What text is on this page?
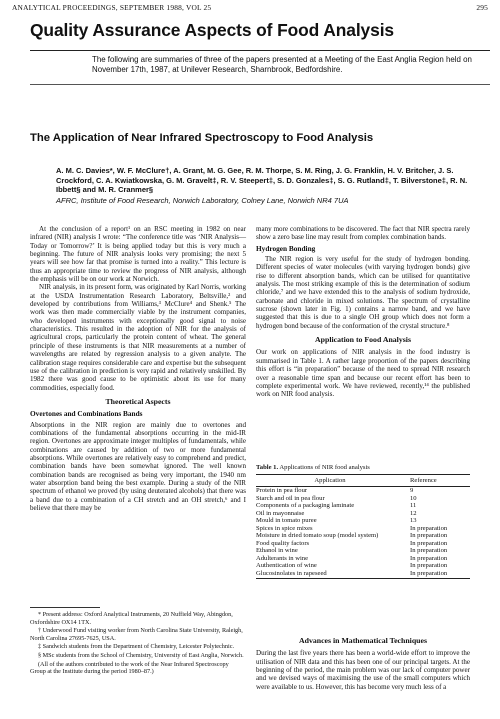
ANALYTICAL PROCEEDINGS, SEPTEMBER 1988, VOL 25	295
Quality Assurance Aspects of Food Analysis

The following are summaries of three of the papers presented at a Meeting of the East Anglia Region held on November 17th, 1987, at Unilever Research, Sharnbrook, Bedfordshire.

The Application of Near Infrared Spectroscopy to Food Analysis

A. M. C. Davies*, W. F. McClure†, A. Grant, M. G. Gee, R. M. Thorpe, S. M. Ring, J. G. Franklin, H. V. Britcher, J. S. Crockford, C. A. Kwiatkowska, G. M. Gravelt‡, R. V. Steepert‡, S. D. Gonzales‡, S. G. Rutland‡, T. Bilverstone‡, R. N. Ibbett§ and M. R. Cranmer§

AFRC, Institute of Food Research, Norwich Laboratory, Colney Lane, Norwich NR4 7UA

At the conclusion of a report¹ on an RSC meeting in 1982 on near infrared (NIR) analysis I wrote: “The conference title was ‘NIR Analysis—Today or Tomorrow?’ It is being applied today but this is very much a beginning. The future of NIR analysis looks very promising; the next 5 years will see how far that promise is turned into a reality.” This lecture is thus an appropriate time to review the progress of NIR analysis, although the emphasis will be on our work at Norwich.

NIR analysis, in its present form, was originated by Karl Norris, working at the USDA Instrumentation Research Laboratory, Beltsville,² and developed by contributions from Williams,³ McClure⁴ and Shenk.⁵ The work was then made commercially viable by the instrument companies, who developed instruments with exceptionally good signal to noise characteristics. This resulted in the adoption of NIR for the analysis of agricultural crops, particularly the protein content of wheat. The general principle of these instruments is that NIR measurements at a number of wavelengths are related by regression analysis to a given analyte. The calibration stage requires considerable care and expertise but the subsequent use of the calibration in prediction is very rapid and relatively unskilled. By 1982 there was good cause to be optimistic about its use for many commodities, especially food.

Theoretical Aspects
Overtones and Combinations Bands

Absorptions in the NIR region are mainly due to overtones and combinations of the fundamental absorptions occurring in the mid-IR region. Overtones are approximate integer multiples of fundamentals, while combinations are caused by addition of two or more fundamental absorptions. While overtones are relatively easy to comprehend and predict, combination bands have been somewhat ignored. The well known combination bands are recognised as being very important, the 1940 nm water absorption band being the best example. During a study of the NIR spectrum of ethanol we proved (by using deuterated alcohols) that there was a band due to a combination of a CH stretch and an OH stretch,⁶ and I believe that there may be

* Present address: Oxford Analytical Instruments, 20 Nuffield Way, Abingdon, Oxfordshire OX14 1TX.

† Underwood Fund visiting worker from North Carolina State University, Raleigh, North Carolina 27695-7625, USA.

‡ Sandwich students from the Department of Chemistry, Leicester Polytechnic.

§ MSc students from the School of Chemistry, University of East Anglia, Norwich.

(All of the authors contributed to the work of the Near Infrared Spectroscopy Group at the Institute during the period 1980–87.)

many more combinations to be discovered. The fact that NIR spectra rarely show a zero base line may result from complex combination bands.

Hydrogen Bonding

The NIR region is very useful for the study of hydrogen bonding. Different species of water molecules (with varying hydrogen bonds) give rise to different absorption bands, which can be utilised for quantitative analysis. The most striking example of this is the determination of sodium chloride,⁷ and we have extended this to the analysis of sodium hydroxide, carbonate and chloride in mixed solutions. The spectrum of crystalline sucrose (shown later in Fig. 1) contains a narrow band, and we have suggested that this is due to a single OH group which does not form a hydrogen bond because of the conformation of the crystal structure.⁸

Application to Food Analysis

Our work on applications of NIR analysis in the food industry is summarised in Table 1. A rather large proportion of the papers describing this effort is “in preparation” because of the need to spread NIR research over a reasonable time span and because our recent effort has been to complete experimental work. We have reviewed, recently,¹⁴ the published work on NIR food analysis.

Table 1. Applications of NIR food analysis

Application	Reference
Protein in pea flour	9
Starch and oil in pea flour	10
Components of a packaging laminate	11
Oil in mayonnaise	12
Mould in tomato puree	13
Spices in spice mixes	In preparation
Moisture in dried tomato soup (model system)	In preparation
Food quality factors	In preparation
Ethanol in wine	In preparation
Adulterants in wine	In preparation
Authentication of wine	In preparation
Glucosinolates in rapeseed	In preparation
Advances in Mathematical Techniques

During the last five years there has been a world-wide effort to improve the utilisation of NIR data and this has been one of our principal targets. At the beginning of the period, the main problem was our lack of computer power and we devised ways of maximising the use of the small computers which were available to us. However, this has become very much less of a
